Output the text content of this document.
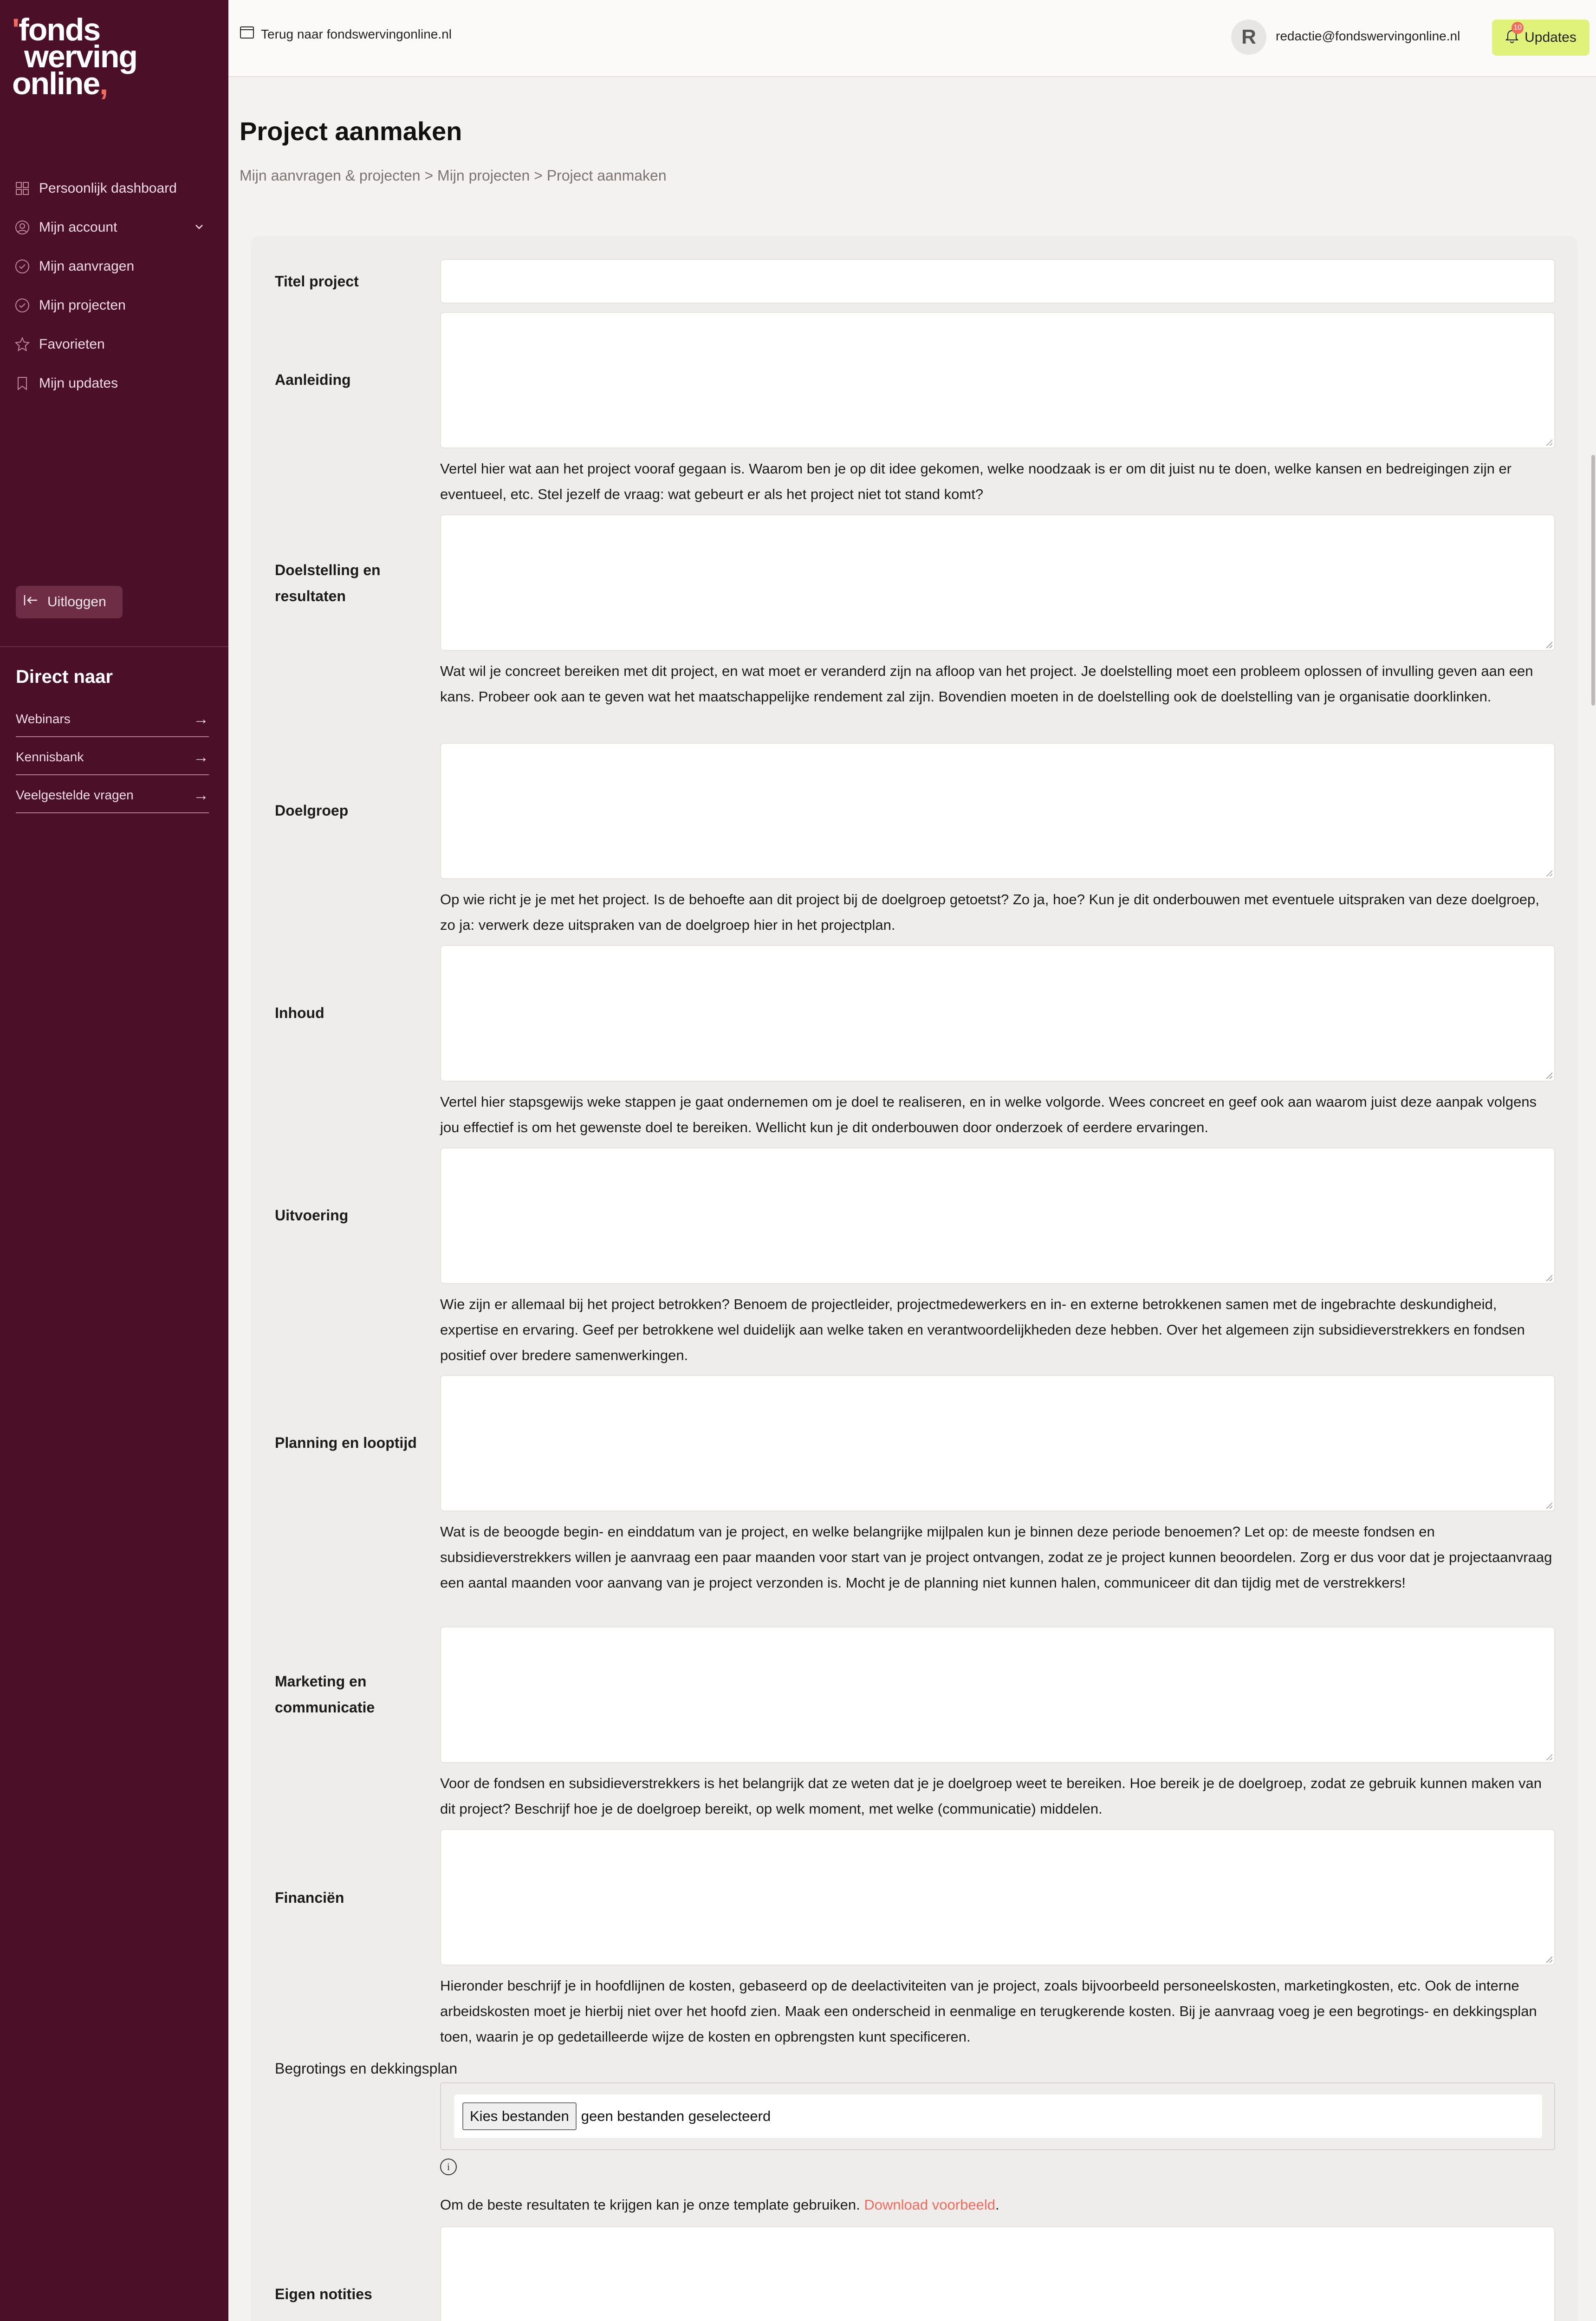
'fonds
werving
online,
Persoonlijk dashboard
Mijn account
Mijn aanvragen
Mijn projecten
Favorieten
Mijn updates
Uitloggen
Direct naar
Webinars	→
Kennisbank	→
Veelgestelde vragen	→
Terug naar fondswervingonline.nl	R	redactie@fondswervingonline.nl
10
Updates
Project aanmaken
Mijn aanvragen & projecten > Mijn projecten > Project aanmaken
Titel project
Aanleiding
Vertel hier wat aan het project vooraf gegaan is. Waarom ben je op dit idee gekomen, welke noodzaak is er om dit juist nu te doen, welke kansen en bedreigingen zijn er eventueel, etc. Stel jezelf de vraag: wat gebeurt er als het project niet tot stand komt?
Doelstelling en resultaten
Wat wil je concreet bereiken met dit project, en wat moet er veranderd zijn na afloop van het project. Je doelstelling moet een probleem oplossen of invulling geven aan een kans. Probeer ook aan te geven wat het maatschappelijke rendement zal zijn. Bovendien moeten in de doelstelling ook de doelstelling van je organisatie doorklinken.
Doelgroep
Op wie richt je je met het project. Is de behoefte aan dit project bij de doelgroep getoetst? Zo ja, hoe? Kun je dit onderbouwen met eventuele uitspraken van deze doelgroep, zo ja: verwerk deze uitspraken van de doelgroep hier in het projectplan.
Inhoud
Vertel hier stapsgewijs weke stappen je gaat ondernemen om je doel te realiseren, en in welke volgorde. Wees concreet en geef ook aan waarom juist deze aanpak volgens jou effectief is om het gewenste doel te bereiken. Wellicht kun je dit onderbouwen door onderzoek of eerdere ervaringen.
Uitvoering
Wie zijn er allemaal bij het project betrokken? Benoem de projectleider, projectmedewerkers en in- en externe betrokkenen samen met de ingebrachte deskundigheid, expertise en ervaring. Geef per betrokkene wel duidelijk aan welke taken en verantwoordelijkheden deze hebben. Over het algemeen zijn subsidieverstrekkers en fondsen positief over bredere samenwerkingen.
Planning en looptijd
Wat is de beoogde begin- en einddatum van je project, en welke belangrijke mijlpalen kun je binnen deze periode benoemen? Let op: de meeste fondsen en subsidieverstrekkers willen je aanvraag een paar maanden voor start van je project ontvangen, zodat ze je project kunnen beoordelen. Zorg er dus voor dat je projectaanvraag een aantal maanden voor aanvang van je project verzonden is. Mocht je de planning niet kunnen halen, communiceer dit dan tijdig met de verstrekkers!
Marketing en communicatie
Voor de fondsen en subsidieverstrekkers is het belangrijk dat ze weten dat je je doelgroep weet te bereiken. Hoe bereik je de doelgroep, zodat ze gebruik kunnen maken van dit project? Beschrijf hoe je de doelgroep bereikt, op welk moment, met welke (communicatie) middelen.
Financiën
Hieronder beschrijf je in hoofdlijnen de kosten, gebaseerd op de deelactiviteiten van je project, zoals bijvoorbeeld personeelskosten, marketingkosten, etc. Ook de interne arbeidskosten moet je hierbij niet over het hoofd zien. Maak een onderscheid in eenmalige en terugkerende kosten. Bij je aanvraag voeg je een begrotings- en dekkingsplan toen, waarin je op gedetailleerde wijze de kosten en opbrengsten kunt specificeren.
Begrotings en dekkingsplan
Kies bestanden geen bestanden geselecteerd
i
Om de beste resultaten te krijgen kan je onze template gebruiken. Download voorbeeld.
Eigen notities
